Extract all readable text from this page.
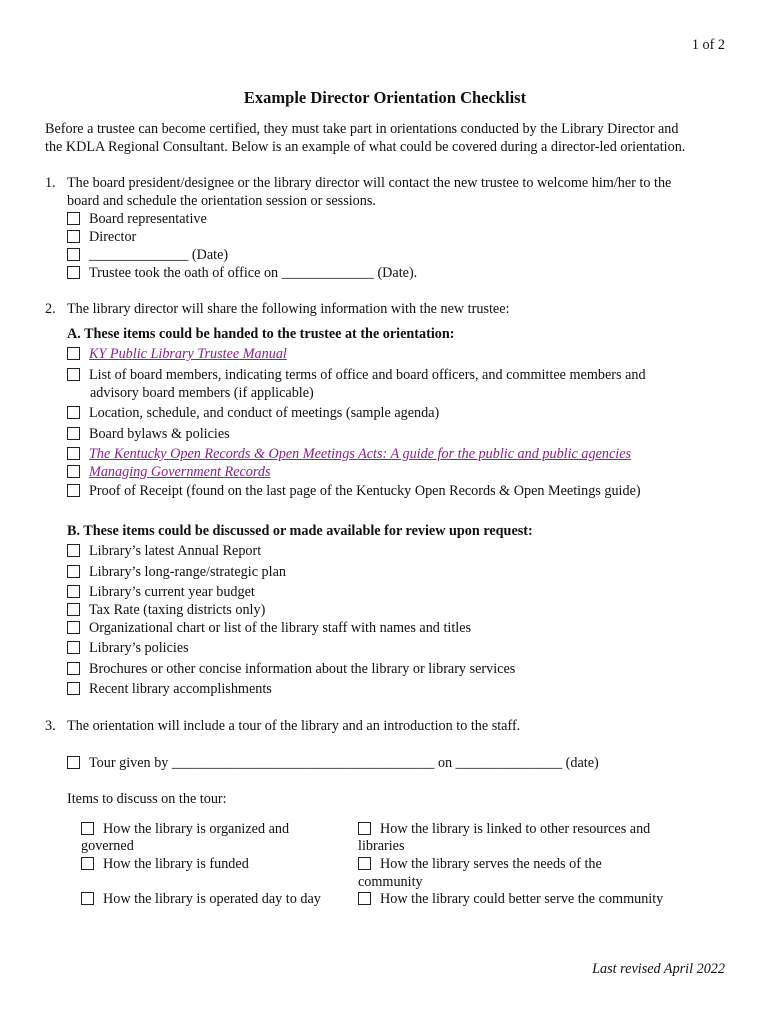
1 of 2
Example Director Orientation Checklist
Before a trustee can become certified, they must take part in orientations conducted by the Library Director and
the KDLA Regional Consultant. Below is an example of what could be covered during a director-led orientation.
1. The board president/designee or the library director will contact the new trustee to welcome him/her to the
board and schedule the orientation session or sessions.
Board representative
Director
______________ (Date)
Trustee took the oath of office on _____________ (Date).
2. The library director will share the following information with the new trustee:
A. These items could be handed to the trustee at the orientation:
KY Public Library Trustee Manual
List of board members, indicating terms of office and board officers, and committee members and
advisory board members (if applicable)
Location, schedule, and conduct of meetings (sample agenda)
Board bylaws & policies
The Kentucky Open Records & Open Meetings Acts: A guide for the public and public agencies
Managing Government Records
Proof of Receipt (found on the last page of the Kentucky Open Records & Open Meetings guide)
B. These items could be discussed or made available for review upon request:
Library’s latest Annual Report
Library’s long-range/strategic plan
Library’s current year budget
Tax Rate (taxing districts only)
Organizational chart or list of the library staff with names and titles
Library’s policies
Brochures or other concise information about the library or library services
Recent library accomplishments
3. The orientation will include a tour of the library and an introduction to the staff.
Tour given by _____________________________________ on _______________ (date)
Items to discuss on the tour:
How the library is organized and
governed
How the library is funded
How the library is operated day to day
How the library is linked to other resources and
libraries
How the library serves the needs of the
community
How the library could better serve the community
Last revised April 2022
